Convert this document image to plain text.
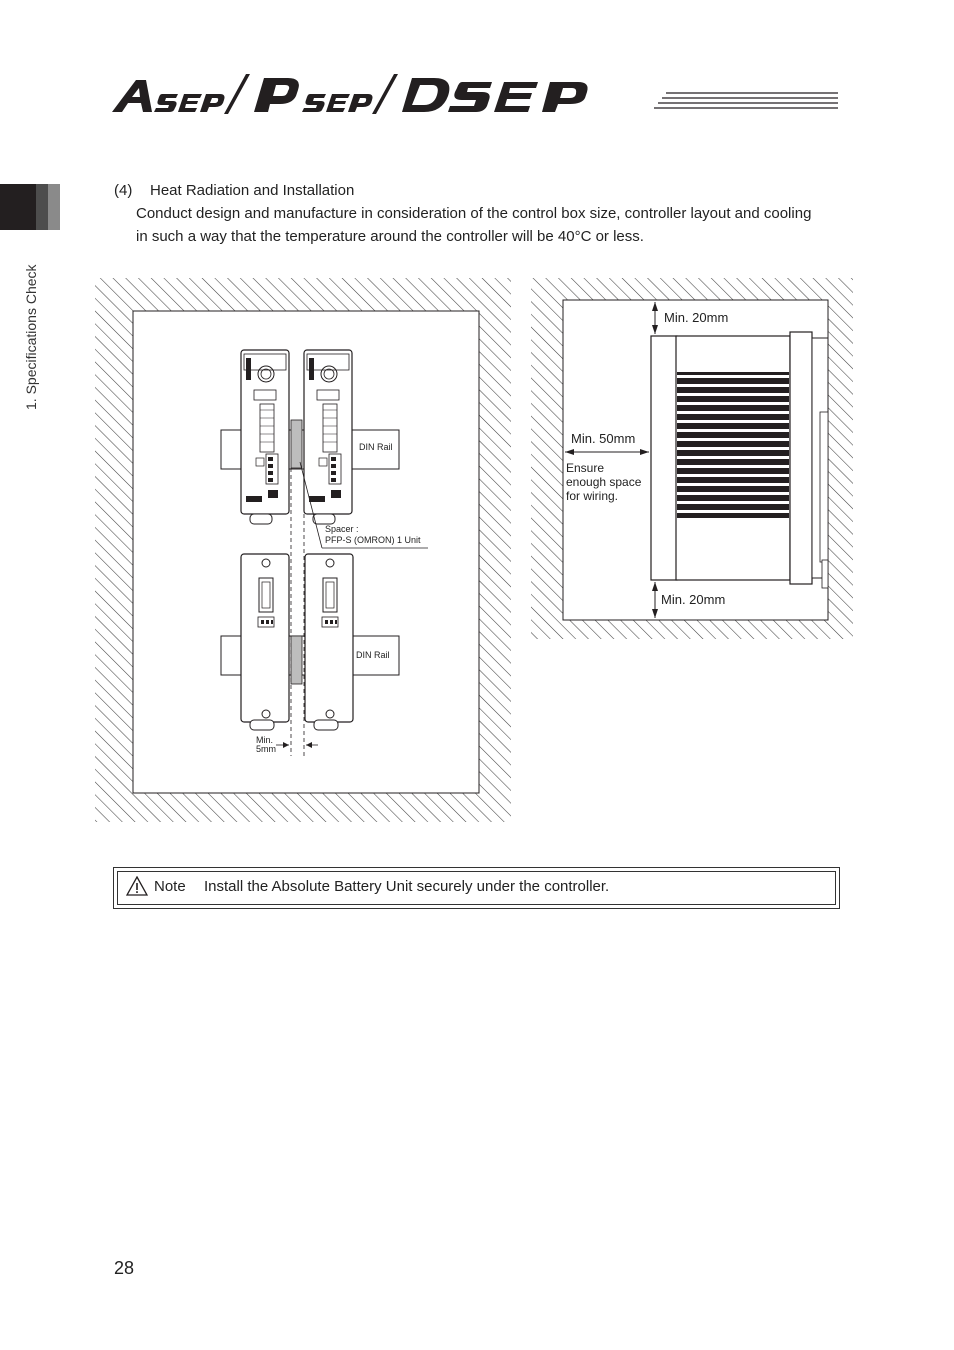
1. Specifications Check
(4) Heat Radiation and Installation
Conduct design and manufacture in consideration of the control box size, controller layout and cooling in such a way that the temperature around the controller will be 40°C or less.
Spacer :
PFP-S (OMRON) 1 Unit
DIN Rail
DIN Rail
Min.
5mm
Min. 20mm
Min. 50mm
Ensure
enough space
for wiring.
Min. 20mm
Note Install the Absolute Battery Unit securely under the controller.
28
